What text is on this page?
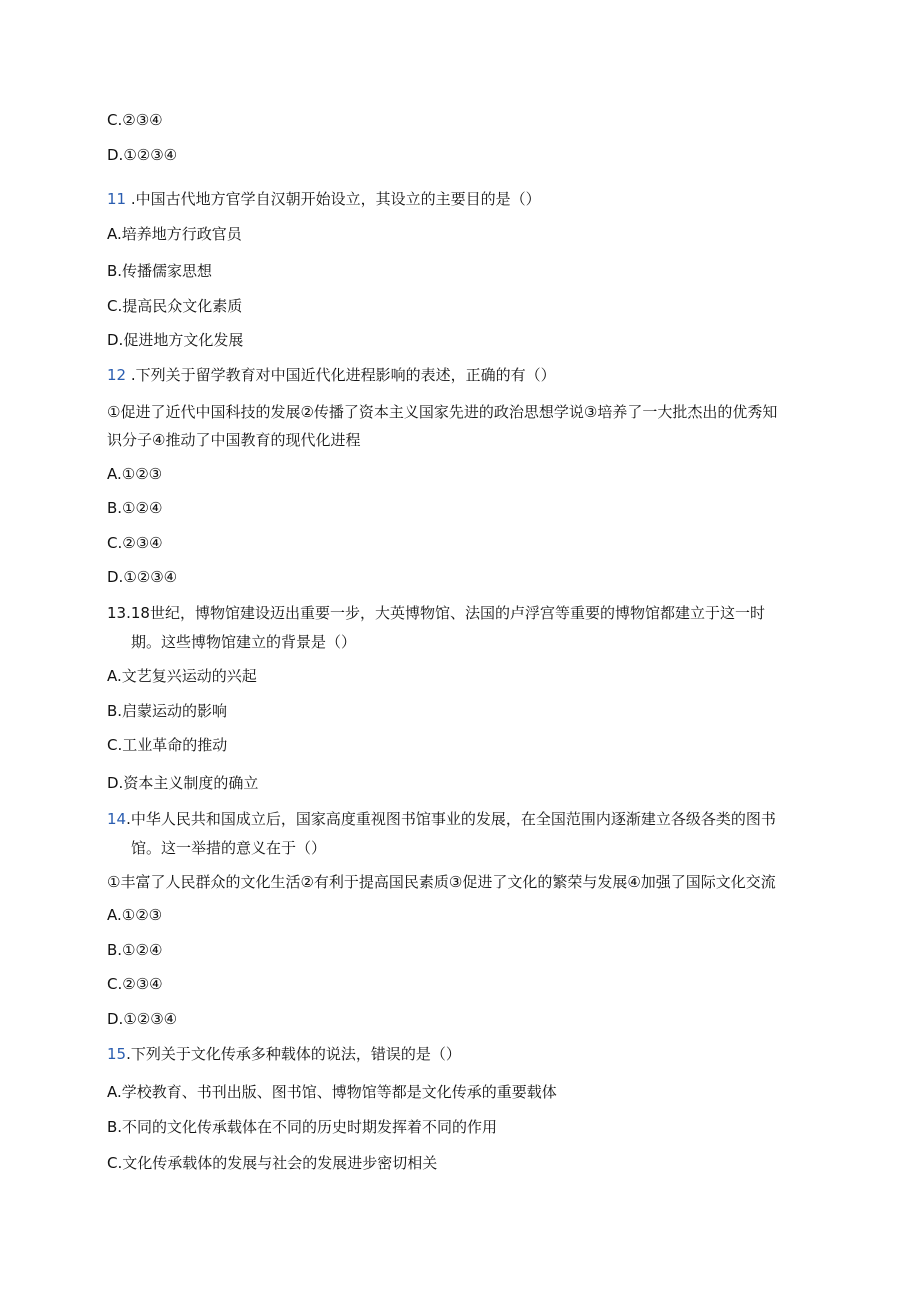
C.②③④
D.①②③④
11 .中国古代地方官学自汉朝开始设立，其设立的主要目的是（）
A.培养地方行政官员
B.传播儒家思想
C.提高民众文化素质
D.促进地方文化发展
12 .下列关于留学教育对中国近代化进程影响的表述，正确的有（）
①促进了近代中国科技的发展②传播了资本主义国家先进的政治思想学说③培养了一大批杰出的优秀知
识分子④推动了中国教育的现代化进程
A.①②③
B.①②④
C.②③④
D.①②③④
13.18世纪，博物馆建设迈出重要一步，大英博物馆、法国的卢浮宫等重要的博物馆都建立于这一时
期。这些博物馆建立的背景是（）
A.文艺复兴运动的兴起
B.启蒙运动的影响
C.工业革命的推动
D.资本主义制度的确立
14.中华人民共和国成立后，国家高度重视图书馆事业的发展，在全国范围内逐渐建立各级各类的图书
馆。这一举措的意义在于（）
①丰富了人民群众的文化生活②有利于提高国民素质③促进了文化的繁荣与发展④加强了国际文化交流
A.①②③
B.①②④
C.②③④
D.①②③④
15.下列关于文化传承多种载体的说法，错误的是（）
A.学校教育、书刊出版、图书馆、博物馆等都是文化传承的重要载体
B.不同的文化传承载体在不同的历史时期发挥着不同的作用
C.文化传承载体的发展与社会的发展进步密切相关
